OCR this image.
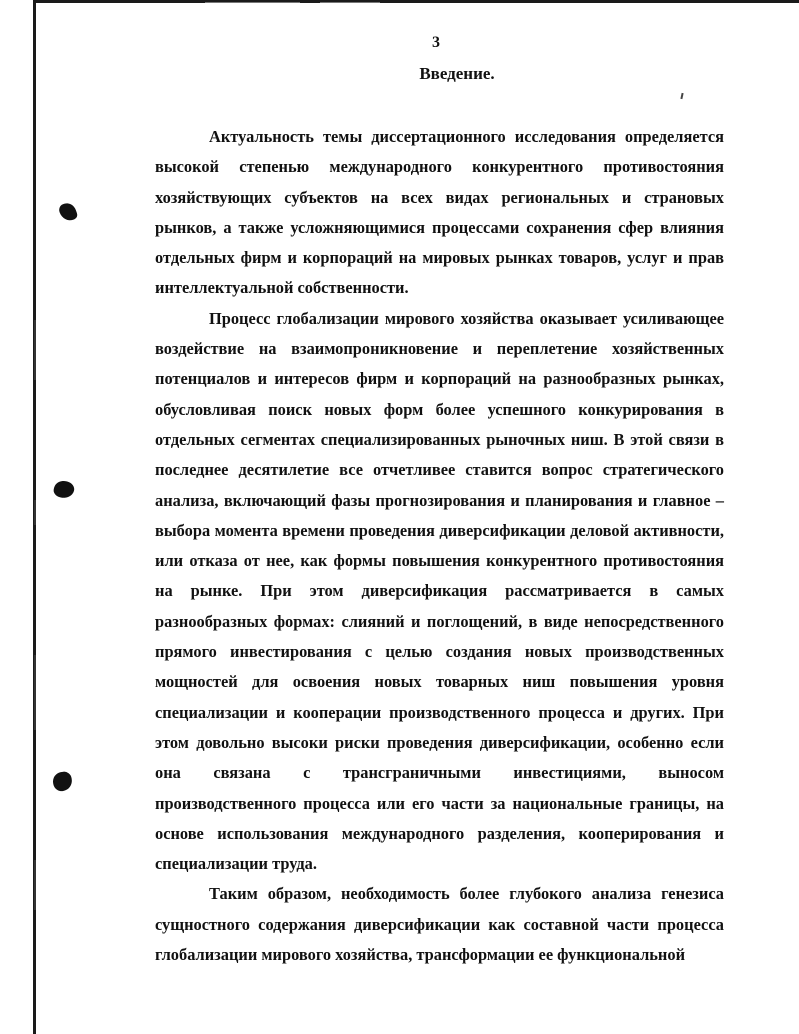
3
Введение.

Актуальность темы диссертационного исследования определяется высокой степенью международного конкурентного противостояния хозяйствующих субъектов на всех видах региональных и страновых рынков, а также усложняющимися процессами сохранения сфер влияния отдельных фирм и корпораций на мировых рынках товаров, услуг и прав интеллектуальной собственности.

Процесс глобализации мирового хозяйства оказывает усиливающее воздействие на взаимопроникновение и переплетение хозяйственных потенциалов и интересов фирм и корпораций на разнообразных рынках, обусловливая поиск новых форм более успешного конкурирования в отдельных сегментах специализированных рыночных ниш. В этой связи в последнее десятилетие все отчетливее ставится вопрос стратегического анализа, включающий фазы прогнозирования и планирования и главное – выбора момента времени проведения диверсификации деловой активности, или отказа от нее, как формы повышения конкурентного противостояния на рынке. При этом диверсификация рассматривается в самых разнообразных формах: слияний и поглощений, в виде непосредственного прямого инвестирования с целью создания новых производственных мощностей для освоения новых товарных ниш повышения уровня специализации и кооперации производственного процесса и других. При этом довольно высоки риски проведения диверсификации, особенно если она связана с трансграничными инвестициями, выносом производственного процесса или его части за национальные границы, на основе использования международного разделения, кооперирования и специализации труда.

Таким образом, необходимость более глубокого анализа генезиса сущностного содержания диверсификации как составной части процесса глобализации мирового хозяйства, трансформации ее функциональной
